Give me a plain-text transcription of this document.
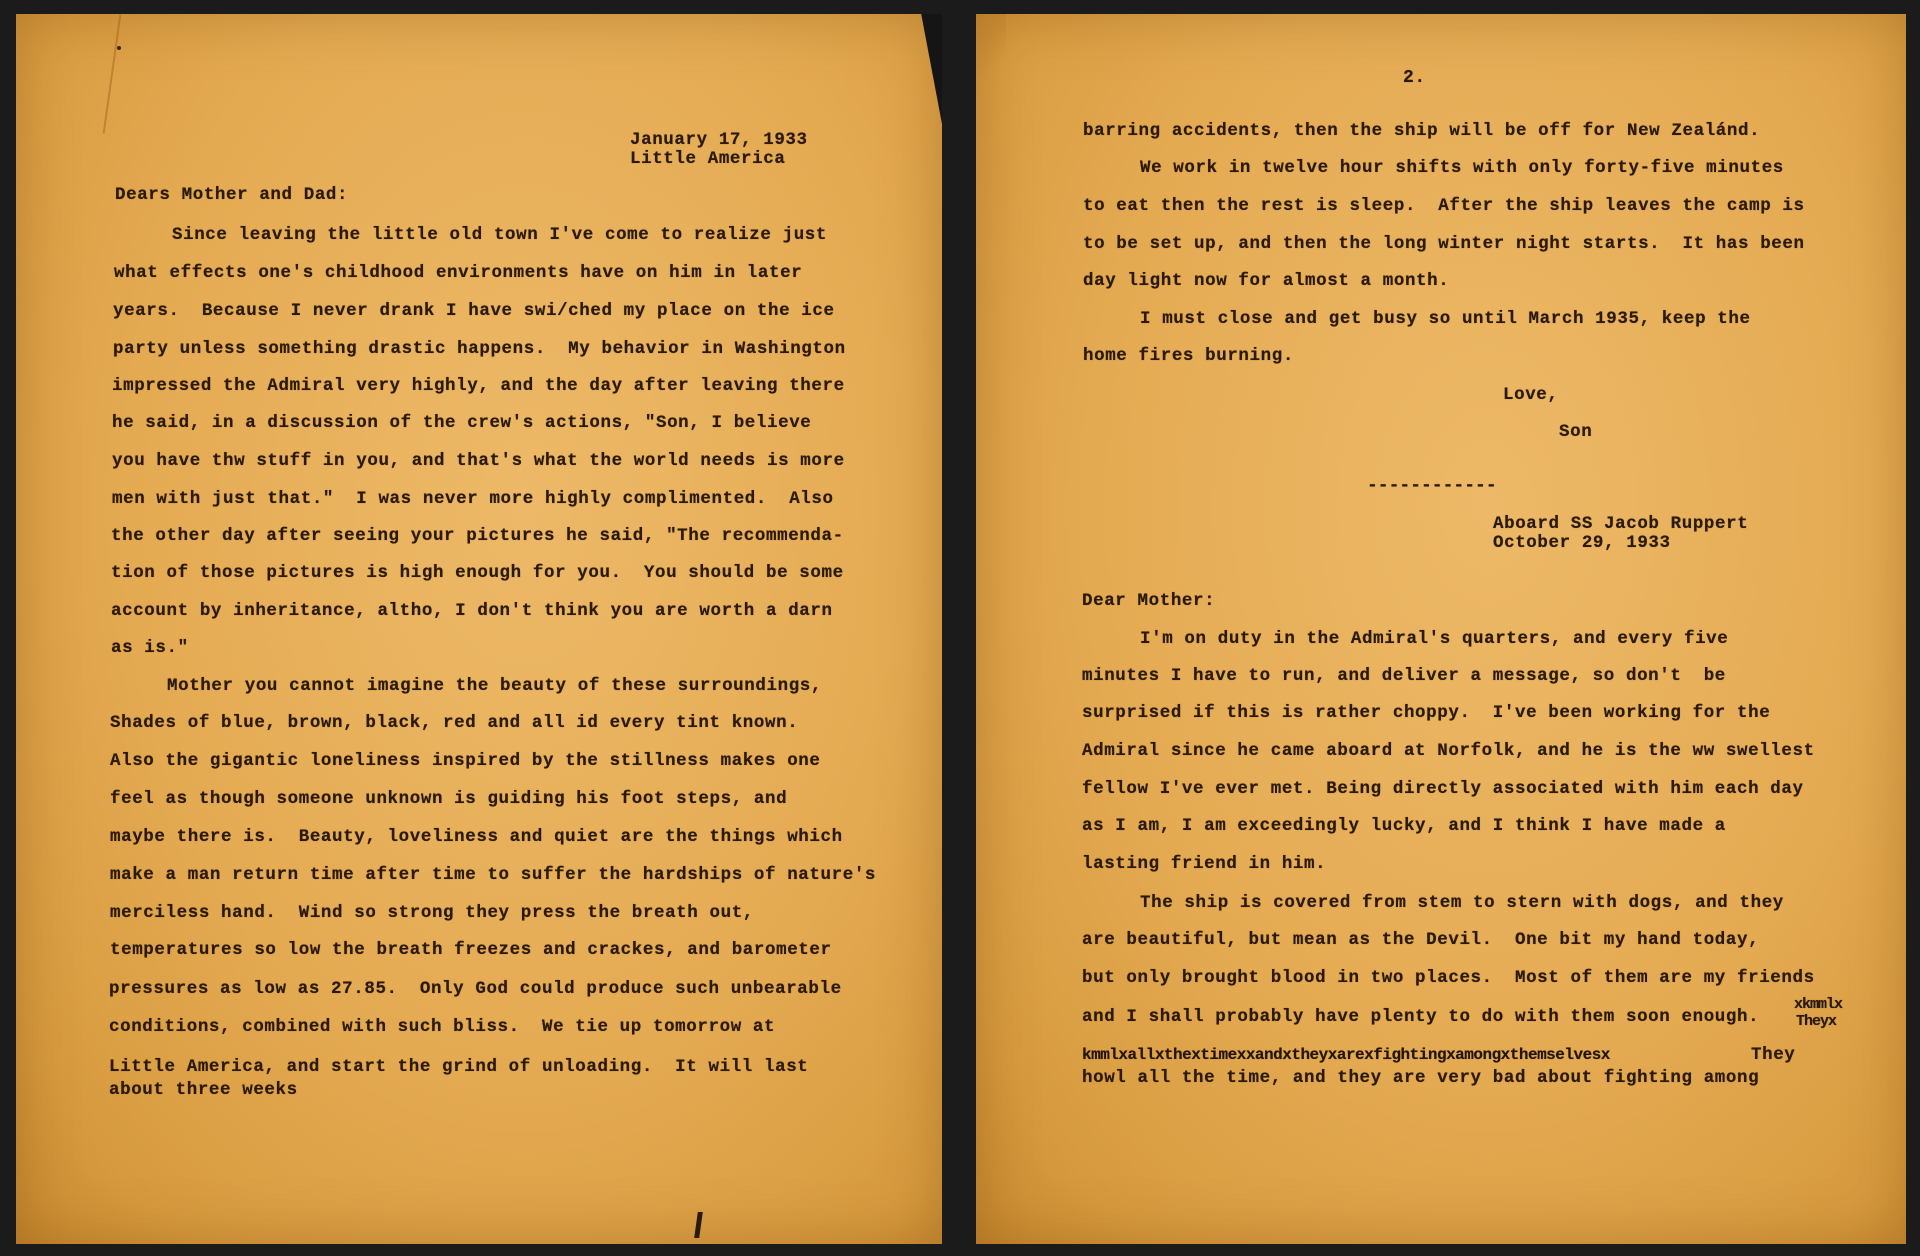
January 17, 1933

Little America

Dears Mother and Dad:

Since leaving the little old town I've come to realize just

what effects one's childhood environments have on him in later

years.  Because I never drank I have swi/ched my place on the ice

party unless something drastic happens.  My behavior in Washington

impressed the Admiral very highly, and the day after leaving there

he said, in a discussion of the crew's actions, "Son, I believe

you have thw stuff in you, and that's what the world needs is more

men with just that."  I was never more highly complimented.  Also

the other day after seeing your pictures he said, "The recommenda-

tion of those pictures is high enough for you.  You should be some

account by inheritance, altho, I don't think you are worth a darn

as is."

Mother you cannot imagine the beauty of these surroundings,

Shades of blue, brown, black, red and all id every tint known.

Also the gigantic loneliness inspired by the stillness makes one

feel as though someone unknown is guiding his foot steps, and

maybe there is.  Beauty, loveliness and quiet are the things which

make a man return time after time to suffer the hardships of nature's

merciless hand.  Wind so strong they press the breath out,

temperatures so low the breath freezes and crackes, and barometer

pressures as low as 27.85.  Only God could produce such unbearable

conditions, combined with such bliss.  We tie up tomorrow at

Little America, and start the grind of unloading.  It will last

about three weeks

2.

barring accidents, then the ship will be off for New Zealánd.

We work in twelve hour shifts with only forty-five minutes

to eat then the rest is sleep.  After the ship leaves the camp is

to be set up, and then the long winter night starts.  It has been

day light now for almost a month.

I must close and get busy so until March 1935, keep the

home fires burning.

Love,

Son

------------

Aboard SS Jacob Ruppert

October 29, 1933

Dear Mother:

I'm on duty in the Admiral's quarters, and every five

minutes I have to run, and deliver a message, so don't  be

surprised if this is rather choppy.  I've been working for the

Admiral since he came aboard at Norfolk, and he is the ww swellest

fellow I've ever met. Being directly associated with him each day

as I am, I am exceedingly lucky, and I think I have made a

lasting friend in him.

The ship is covered from stem to stern with dogs, and they

are beautiful, but mean as the Devil.  One bit my hand today,

but only brought blood in two places.  Most of them are my friends

and I shall probably have plenty to do with them soon enough.

xkmmlx

Theyx

kmmlxallxthextimexxandxtheyxarexfightingxamongxthemselvesx	They

howl all the time, and they are very bad about fighting among
